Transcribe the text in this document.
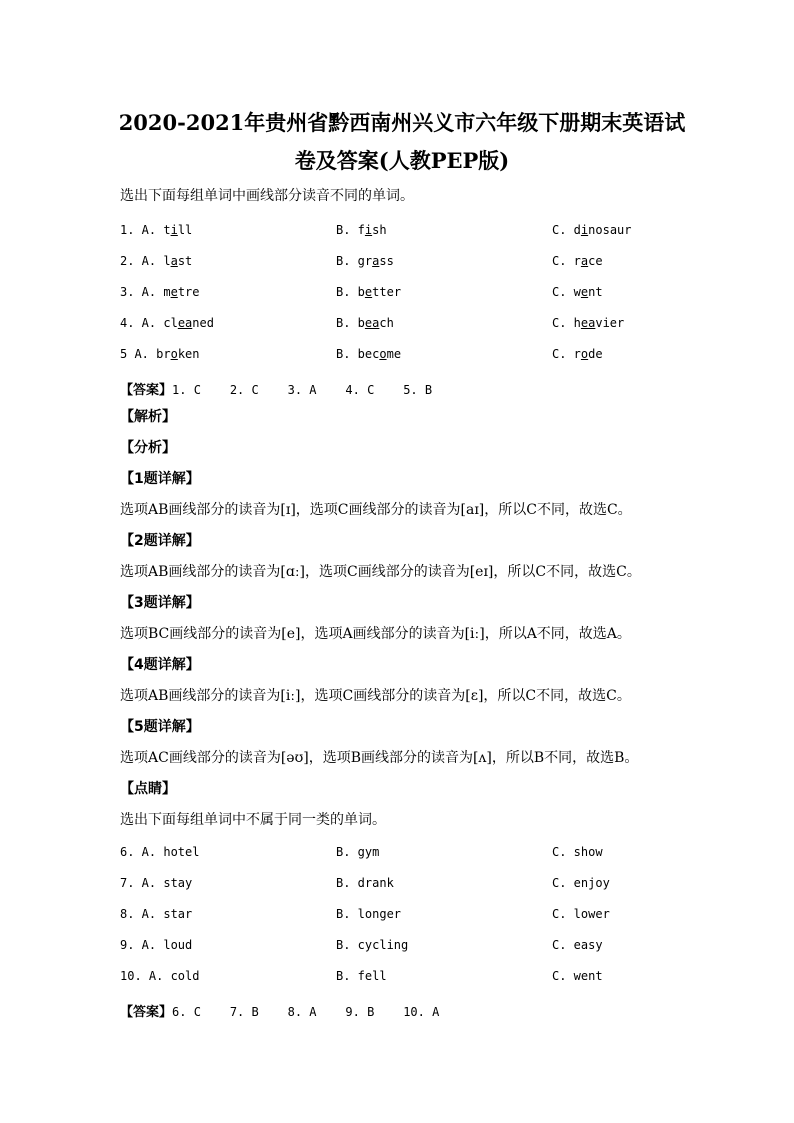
2020-2021年贵州省黔西南州兴义市六年级下册期末英语试
卷及答案(人教PEP版)
选出下面每组单词中画线部分读音不同的单词。
1. A. till	B. fish	C. dinosaur
2. A. last	B. grass	C. race
3. A. metre	B. better	C. went
4. A. cleaned	B. beach	C. heavier
5 A. broken	B. become	C. rode
【答案】1. C    2. C    3. A    4. C    5. B
【解析】
【分析】
【1题详解】
选项AB画线部分的读音为[ɪ]，选项C画线部分的读音为[aɪ]，所以C不同，故选C。
【2题详解】
选项AB画线部分的读音为[ɑː]，选项C画线部分的读音为[eɪ]，所以C不同，故选C。
【3题详解】
选项BC画线部分的读音为[e]，选项A画线部分的读音为[iː]，所以A不同，故选A。
【4题详解】
选项AB画线部分的读音为[iː]，选项C画线部分的读音为[ɛ]，所以C不同，故选C。
【5题详解】
选项AC画线部分的读音为[əʊ]，选项B画线部分的读音为[ʌ]，所以B不同，故选B。
【点睛】
选出下面每组单词中不属于同一类的单词。
6. A. hotel	B. gym	C. show
7. A. stay	B. drank	C. enjoy
8. A. star	B. longer	C. lower
9. A. loud	B. cycling	C. easy
10. A. cold	B. fell	C. went
【答案】6. C    7. B    8. A    9. B    10. A
